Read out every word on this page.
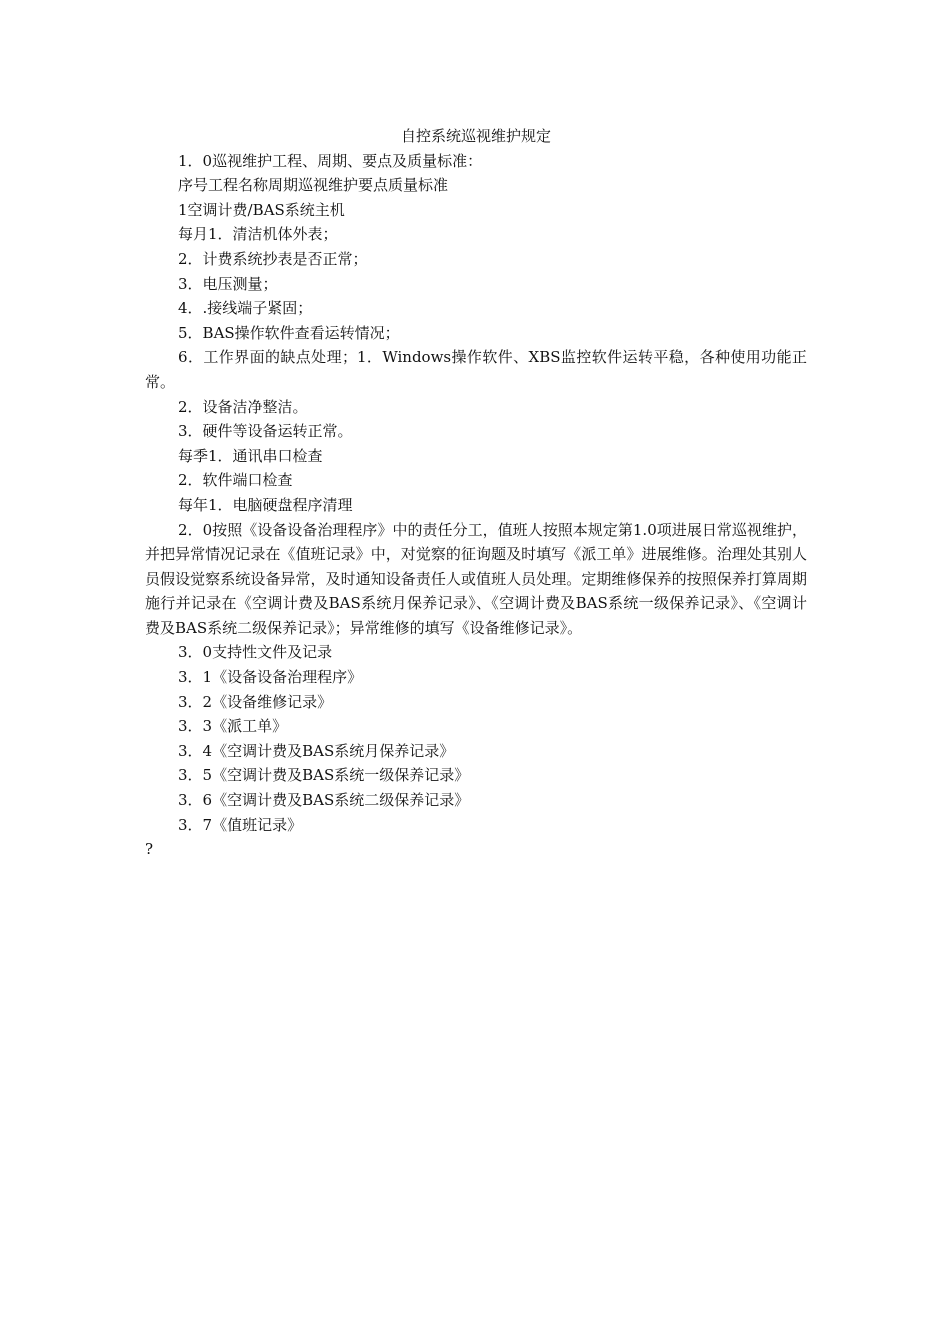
自控系统巡视维护规定

1．0巡视维护工程、周期、要点及质量标准：

序号工程名称周期巡视维护要点质量标准

1空调计费/BAS系统主机

每月1．清洁机体外表；

2．计费系统抄表是否正常；

3．电压测量；

4．.接线端子紧固；

5．BAS操作软件查看运转情况；

6．工作界面的缺点处理；1．Windows操作软件、XBS监控软件运转平稳，各种使用功能正常。

2．设备洁净整洁。

3．硬件等设备运转正常。

每季1．通讯串口检查

2．软件端口检查

每年1．电脑硬盘程序清理

2．0按照《设备设备治理程序》中的责任分工，值班人按照本规定第1.0项进展日常巡视维护，并把异常情况记录在《值班记录》中，对觉察的征询题及时填写《派工单》进展维修。治理处其别人员假设觉察系统设备异常，及时通知设备责任人或值班人员处理。定期维修保养的按照保养打算周期施行并记录在《空调计费及BAS系统月保养记录》、《空调计费及BAS系统一级保养记录》、《空调计费及BAS系统二级保养记录》；异常维修的填写《设备维修记录》。

3．0支持性文件及记录

3．1《设备设备治理程序》

3．2《设备维修记录》

3．3《派工单》

3．4《空调计费及BAS系统月保养记录》

3．5《空调计费及BAS系统一级保养记录》

3．6《空调计费及BAS系统二级保养记录》

3．7《值班记录》

?
